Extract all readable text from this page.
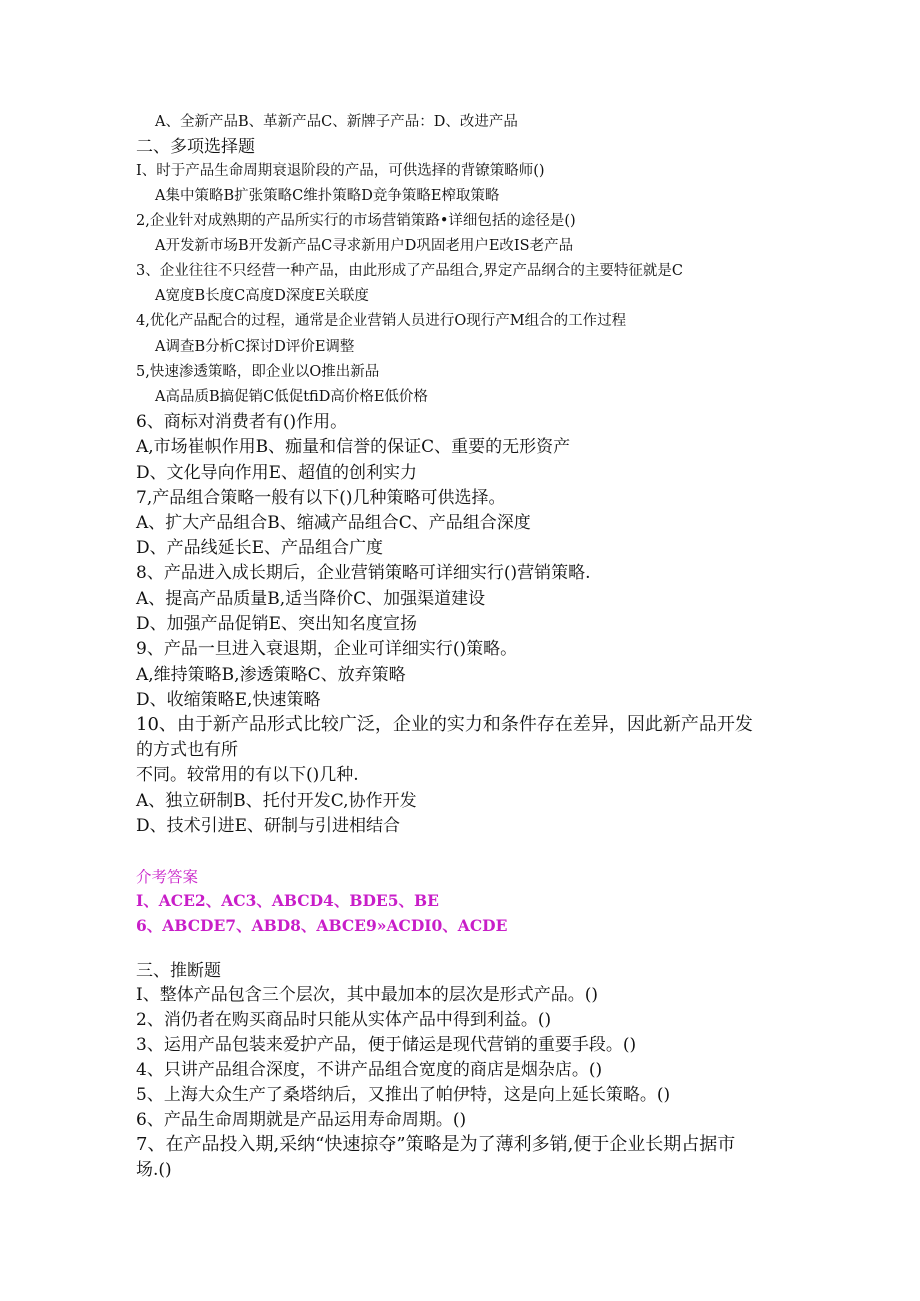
A、全新产品B、革新产品C、新牌子产品：D、改进产品
二、多项选择题
I、时于产品生命周期衰退阶段的产品，可供选择的背镣策略师()
A集中策略B扩张策略C维扑策略D竞争策略E榨取策略
2,企业针对成熟期的产品所实行的市场营销策路•详细包括的途径是()
A开发新市场B开发新产品C寻求新用户D巩固老用户E改IS老产品
3、企业往往不只经营一种产品，由此形成了产品组合,界定产品纲合的主要特征就是C
A宽度B长度C高度D深度E关联度
4,优化产品配合的过程，通常是企业营销人员进行O现行产M组合的工作过程
A调查B分析C探讨D评价E调整
5,快速渗透策略，即企业以O推出新品
A高品质B搞促销C低促tfiD高价格E低价格
6、商标对消费者有()作用。
A,市场崔帜作用B、痂量和信誉的保证C、重要的无形资产
D、文化导向作用E、超值的创利实力
7,产品组合策略一般有以下()几种策略可供选择。
A、扩大产品组合B、缩减产品组合C、产品组合深度
D、产品线延长E、产品组合广度
8、产品进入成长期后，企业营销策略可详细实行()营销策略.
A、提高产品质量B,适当降价C、加强渠道建设
D、加强产品促销E、突出知名度宣扬
9、产品一旦进入衰退期，企业可详细实行()策略。
A,维持策略B,渗透策略C、放弃策略
D、收缩策略E,快速策略
10、由于新产品形式比较广泛，企业的实力和条件存在差异，因此新产品开发
的方式也有所
不同。较常用的有以下()几种.
A、独立研制B、托付开发C,协作开发
D、技术引进E、研制与引进相结合
介考答案
I、ACE2、AC3、ABCD4、BDE5、BE
6、ABCDE7、ABD8、ABCE9»ACDI0、ACDE
三、推断题
I、整体产品包含三个层次，其中最加本的层次是形式产品。()
2、消仍者在购买商品时只能从实体产品中得到利益。()
3、运用产品包装来爱护产品，便于储运是现代营销的重要手段。()
4、只讲产品组合深度，不讲产品组合宽度的商店是烟杂店。()
5、上海大众生产了桑塔纳后，又推出了帕伊特，这是向上延长策略。()
6、产品生命周期就是产品运用寿命周期。()
7、在产品投入期,采纳“快速掠夺”策略是为了薄利多销,便于企业长期占据市
场.()
